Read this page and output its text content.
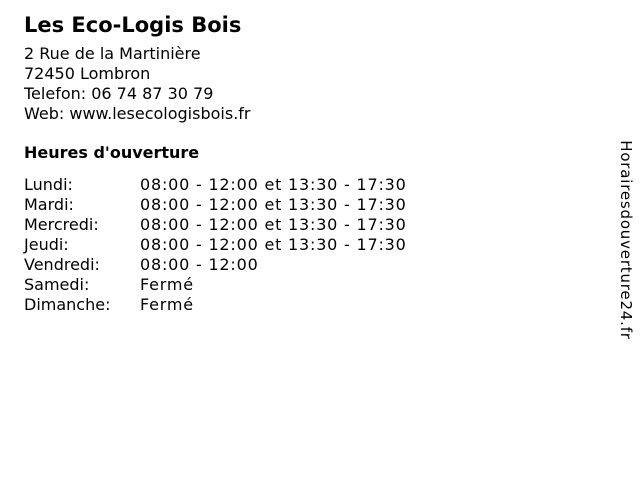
Les Eco-Logis Bois
2 Rue de la Martinière
72450 Lombron
Telefon: 06 74 87 30 79
Web: www.lesecologisbois.fr
Heures d'ouverture
Lundi:	08:00 - 12:00 et 13:30 - 17:30
Mardi:	08:00 - 12:00 et 13:30 - 17:30
Mercredi:	08:00 - 12:00 et 13:30 - 17:30
Jeudi:	08:00 - 12:00 et 13:30 - 17:30
Vendredi:	08:00 - 12:00
Samedi:	Fermé
Dimanche:	Fermé	Horairesdouverture24.fr
